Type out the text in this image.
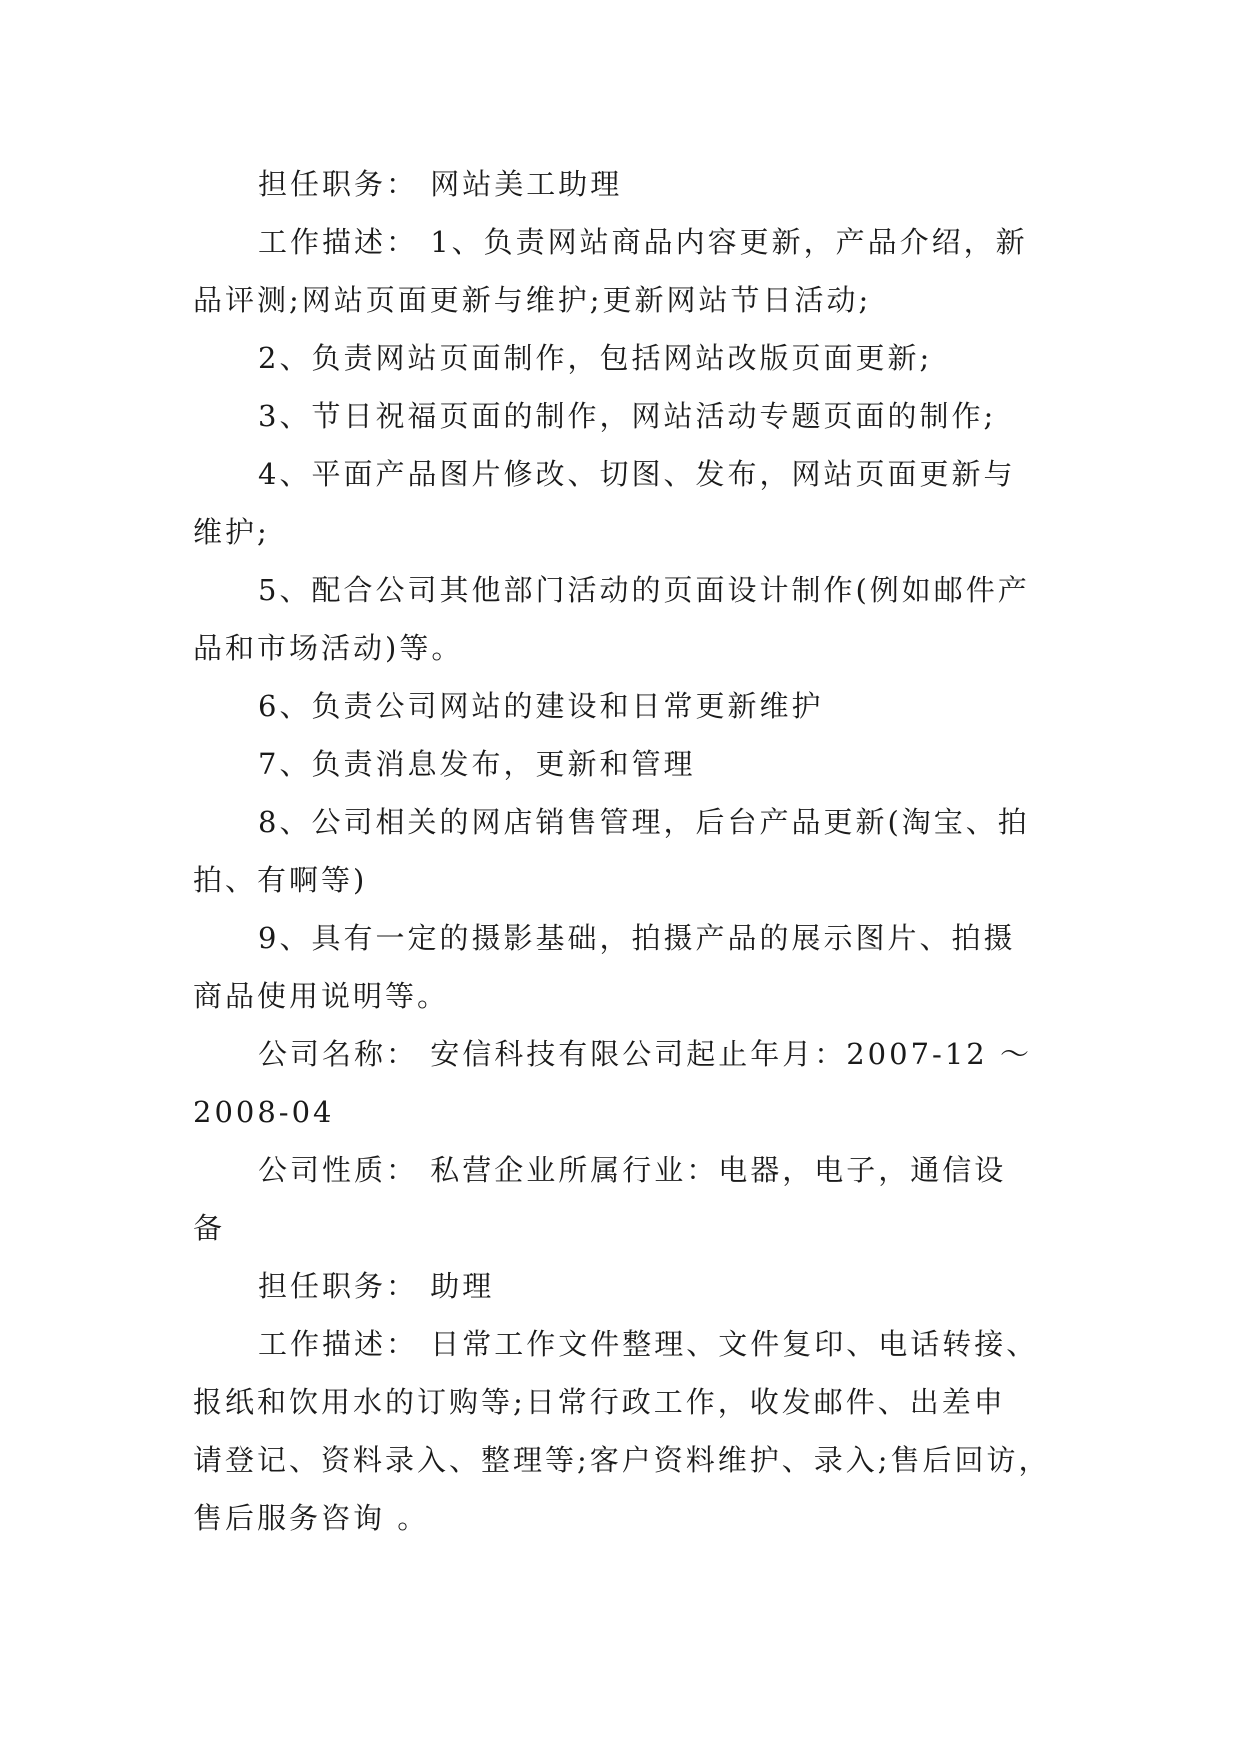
担任职务： 网站美工助理
工作描述： 1、负责网站商品内容更新，产品介绍，新
品评测;网站页面更新与维护;更新网站节日活动;
2、负责网站页面制作，包括网站改版页面更新;
3、节日祝福页面的制作，网站活动专题页面的制作;
4、平面产品图片修改、切图、发布，网站页面更新与
维护;
5、配合公司其他部门活动的页面设计制作(例如邮件产
品和市场活动)等。
6、负责公司网站的建设和日常更新维护
7、负责消息发布，更新和管理
8、公司相关的网店销售管理，后台产品更新(淘宝、拍
拍、有啊等)
9、具有一定的摄影基础，拍摄产品的展示图片、拍摄
商品使用说明等。
公司名称： 安信科技有限公司起止年月：2007-12 ～
2008-04
公司性质： 私营企业所属行业：电器，电子，通信设
备
担任职务： 助理
工作描述： 日常工作文件整理、文件复印、电话转接、
报纸和饮用水的订购等;日常行政工作，收发邮件、出差申
请登记、资料录入、整理等;客户资料维护、录入;售后回访，
售后服务咨询 。
